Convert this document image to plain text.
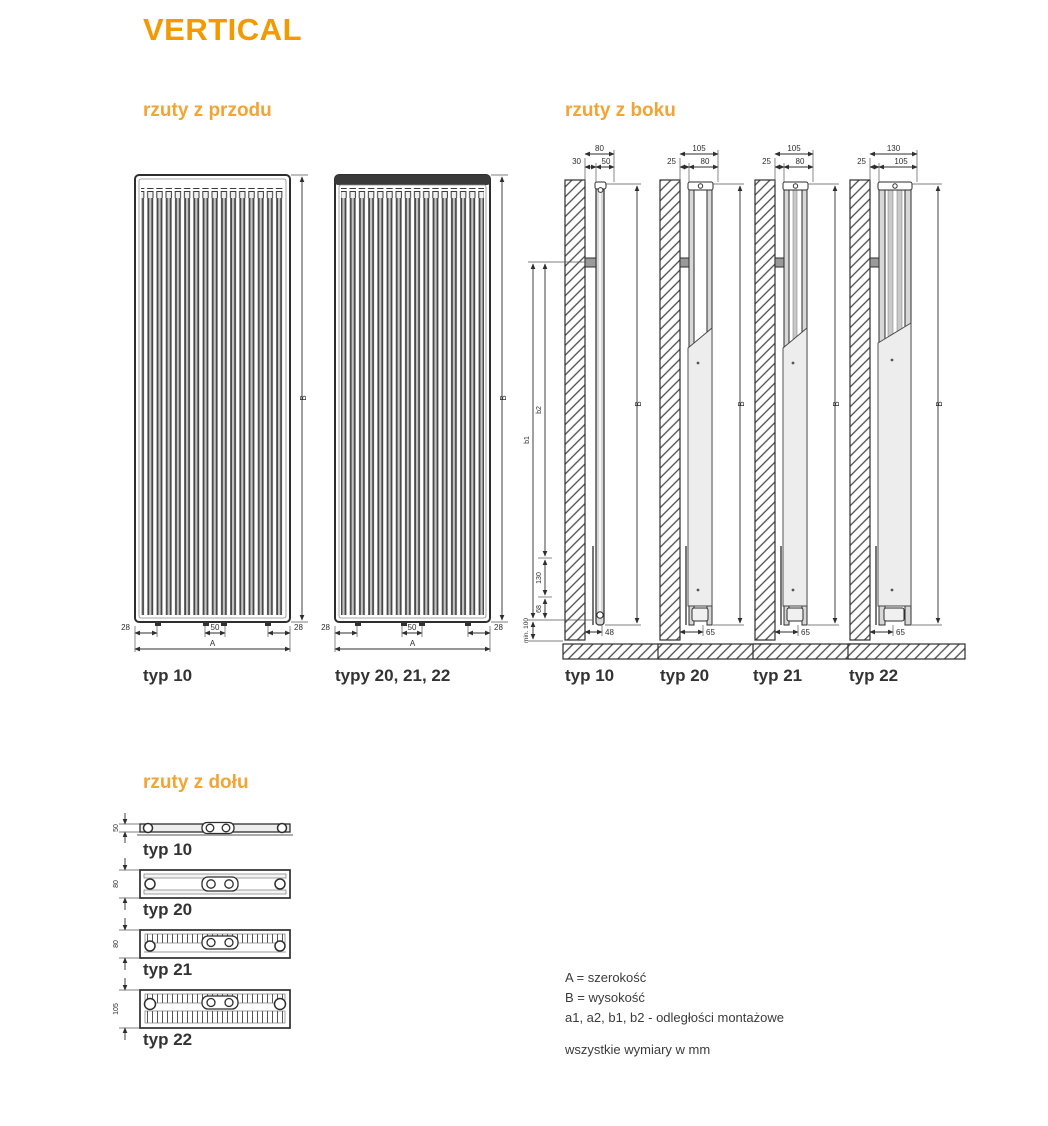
VERTICAL
rzuty z przodu	rzuty z boku
rzuty z dołu
B
28	50	28
A
B
28	50	28
A
typ 10	typy 20, 21, 22
80
30	50
B
b1
b2
130
68
min. 100	48
105
25	80
B
65
105
25	80
B
65
130
25	105
B
65
typ 10	typ 20	typ 21	typ 22
50
80
80
105
typ 10
typ 20
typ 21
typ 22
A = szerokość
B = wysokość
a1, a2, b1, b2 - odległości montażowe
wszystkie wymiary w mm
